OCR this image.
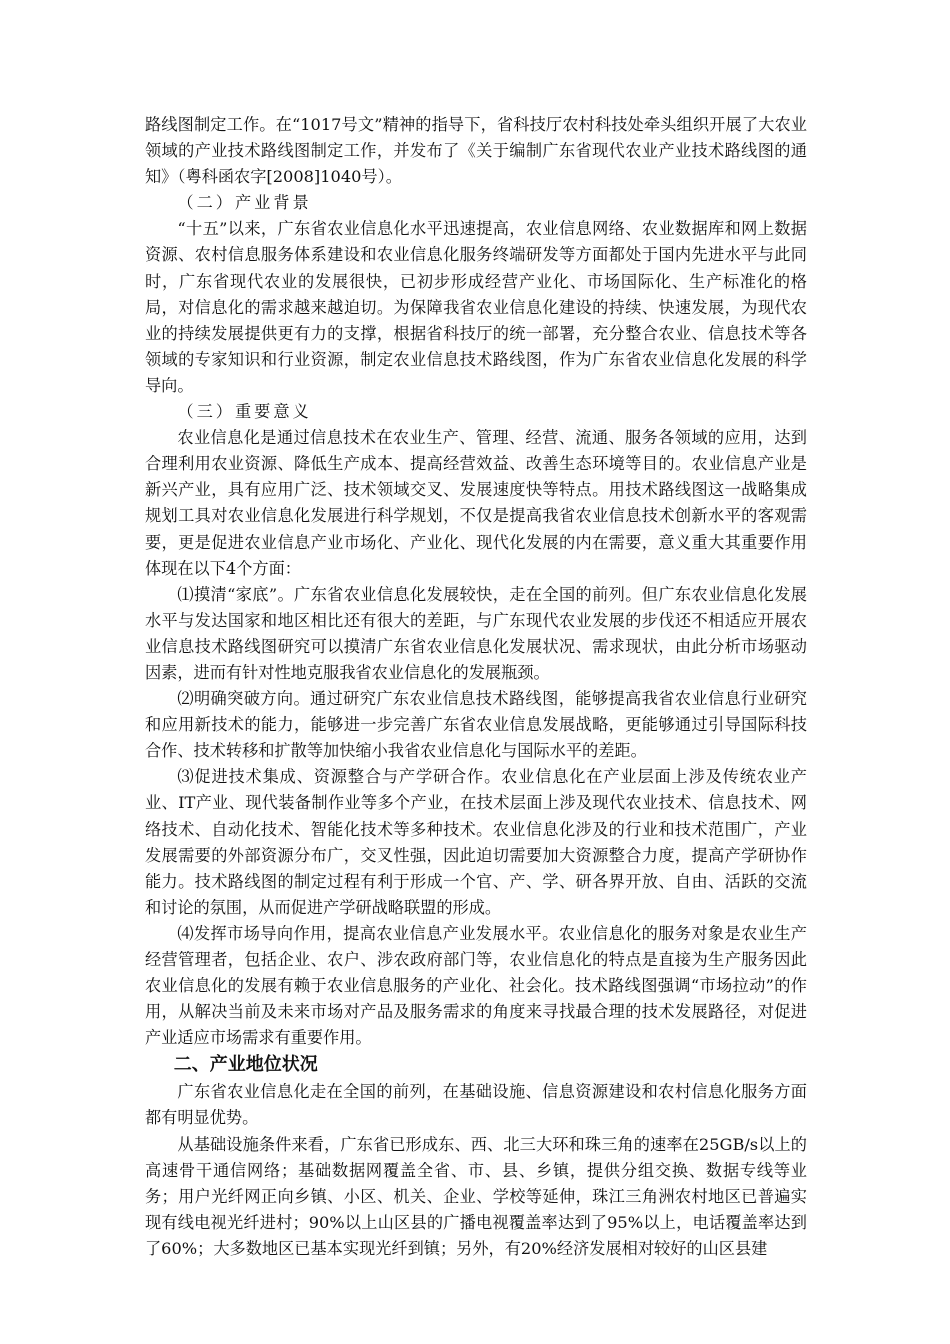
路线图制定工作。在“1017号文”精神的指导下，省科技厅农村科技处牵头组织开展了大农业领域的产业技术路线图制定工作，并发布了《关于编制广东省现代农业产业技术路线图的通知》（粤科函农字[2008]1040号）。

（二）产业背景

“十五”以来，广东省农业信息化水平迅速提高，农业信息网络、农业数据库和网上数据资源、农村信息服务体系建设和农业信息化服务终端研发等方面都处于国内先进水平与此同时，广东省现代农业的发展很快，已初步形成经营产业化、市场国际化、生产标准化的格局，对信息化的需求越来越迫切。为保障我省农业信息化建设的持续、快速发展，为现代农业的持续发展提供更有力的支撑，根据省科技厅的统一部署，充分整合农业、信息技术等各领域的专家知识和行业资源，制定农业信息技术路线图，作为广东省农业信息化发展的科学导向。

（三）重要意义

农业信息化是通过信息技术在农业生产、管理、经营、流通、服务各领域的应用，达到合理利用农业资源、降低生产成本、提高经营效益、改善生态环境等目的。农业信息产业是新兴产业，具有应用广泛、技术领域交叉、发展速度快等特点。用技术路线图这一战略集成规划工具对农业信息化发展进行科学规划，不仅是提高我省农业信息技术创新水平的客观需要，更是促进农业信息产业市场化、产业化、现代化发展的内在需要，意义重大其重要作用体现在以下4个方面：

⑴摸清“家底”。广东省农业信息化发展较快，走在全国的前列。但广东农业信息化发展水平与发达国家和地区相比还有很大的差距，与广东现代农业发展的步伐还不相适应开展农业信息技术路线图研究可以摸清广东省农业信息化发展状况、需求现状，由此分析市场驱动因素，进而有针对性地克服我省农业信息化的发展瓶颈。

⑵明确突破方向。通过研究广东农业信息技术路线图，能够提高我省农业信息行业研究和应用新技术的能力，能够进一步完善广东省农业信息发展战略，更能够通过引导国际科技合作、技术转移和扩散等加快缩小我省农业信息化与国际水平的差距。

⑶促进技术集成、资源整合与产学研合作。农业信息化在产业层面上涉及传统农业产业、IT产业、现代装备制作业等多个产业，在技术层面上涉及现代农业技术、信息技术、网络技术、自动化技术、智能化技术等多种技术。农业信息化涉及的行业和技术范围广，产业发展需要的外部资源分布广，交叉性强，因此迫切需要加大资源整合力度，提高产学研协作能力。技术路线图的制定过程有利于形成一个官、产、学、研各界开放、自由、活跃的交流和讨论的氛围，从而促进产学研战略联盟的形成。

⑷发挥市场导向作用，提高农业信息产业发展水平。农业信息化的服务对象是农业生产经营管理者，包括企业、农户、涉农政府部门等，农业信息化的特点是直接为生产服务因此农业信息化的发展有赖于农业信息服务的产业化、社会化。技术路线图强调“市场拉动”的作用，从解决当前及未来市场对产品及服务需求的角度来寻找最合理的技术发展路径，对促进产业适应市场需求有重要作用。

二、产业地位状况

广东省农业信息化走在全国的前列，在基础设施、信息资源建设和农村信息化服务方面都有明显优势。

从基础设施条件来看，广东省已形成东、西、北三大环和珠三角的速率在25GB/s以上的高速骨干通信网络；基础数据网覆盖全省、市、县、乡镇，提供分组交换、数据专线等业务；用户光纤网正向乡镇、小区、机关、企业、学校等延伸，珠江三角洲农村地区已普遍实现有线电视光纤进村；90%以上山区县的广播电视覆盖率达到了95%以上，电话覆盖率达到了60%；大多数地区已基本实现光纤到镇；另外，有20%经济发展相对较好的山区县建
